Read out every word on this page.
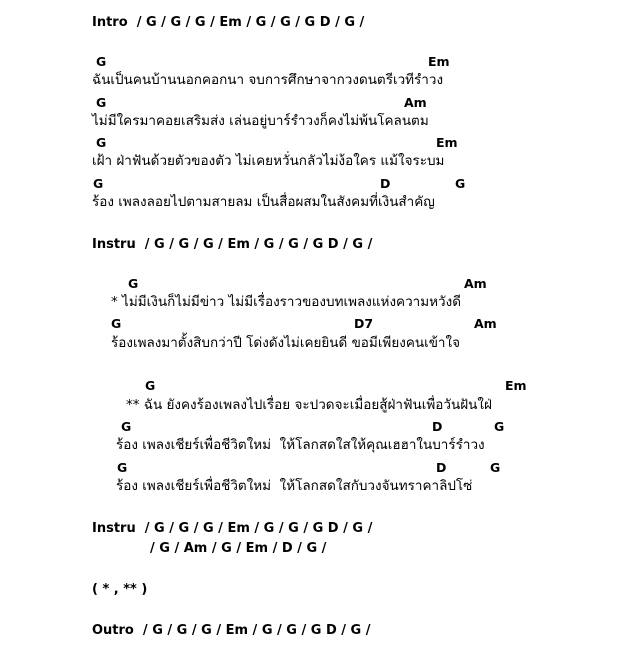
Intro  / G / G / G / Em / G / G / G D / G /
G	Em
ฉันเป็นคนบ้านนอกคอกนา จบการศึกษาจากวงดนตรีเวทีรำวง
G	Am
ไม่มีใครมาคอยเสริมส่ง เล่นอยู่บาร์รำวงก็คงไม่พ้นโคลนตม
G	Em
เฝ้า ฝ่าฟันด้วยตัวของตัว ไม่เคยหวั่นกลัวไม่ง้อใคร แม้ใจระบม
G	D	G
ร้อง เพลงลอยไปตามสายลม เป็นสื่อผสมในสังคมที่เงินสำคัญ
Instru  / G / G / G / Em / G / G / G D / G /
G	Am
* ไม่มีเงินก็ไม่มีข่าว ไม่มีเรื่องราวของบทเพลงแห่งความหวังดี
G	D7	Am
ร้องเพลงมาตั้งสิบกว่าปี โด่งดังไม่เคยยินดี ขอมีเพียงคนเข้าใจ
G	Em
** ฉัน ยังคงร้องเพลงไปเรื่อย จะปวดจะเมื่อยสู้ฝ่าฟันเพื่อวันฝันใฝ่
G	D	G
ร้อง เพลงเชียร์เพื่อชีวิตใหม่  ให้โลกสดใสให้คุณเฮฮาในบาร์รำวง
G	D	G
ร้อง เพลงเชียร์เพื่อชีวิตใหม่  ให้โลกสดใสกับวงจันทราคาลิปโซ่
Instru  / G / G / G / Em / G / G / G D / G /
/ G / Am / G / Em / D / G /
( * , ** )
Outro  / G / G / G / Em / G / G / G D / G /
